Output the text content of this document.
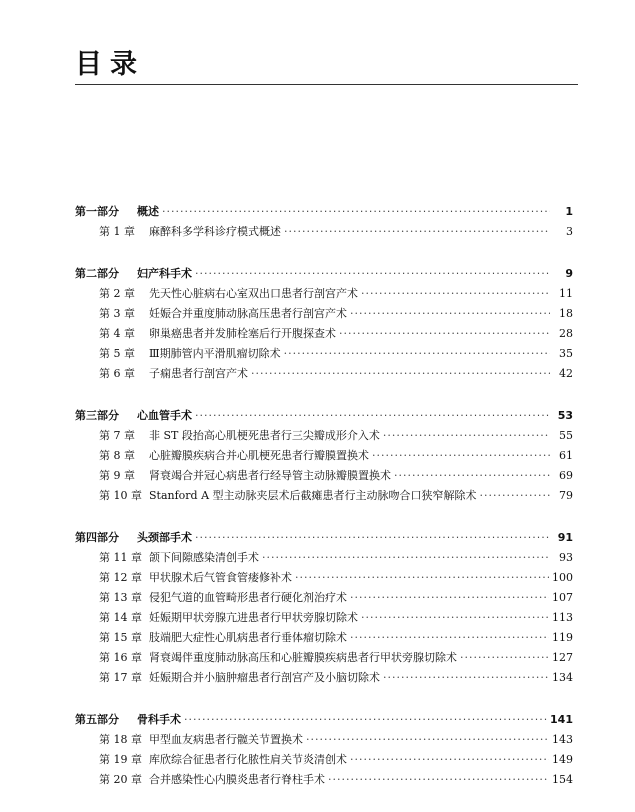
目录
第一部分	概述 ·····	1
第 1 章	麻醉科多学科诊疗模式概述 ·····	3
第二部分	妇产科手术 ·····	9
第 2 章	先天性心脏病右心室双出口患者行剖宫产术 ·····	11
第 3 章	妊娠合并重度肺动脉高压患者行剖宫产术 ·····	18
第 4 章	卵巢癌患者并发肺栓塞后行开腹探查术 ·····	28
第 5 章	Ⅲ期肺管内平滑肌瘤切除术 ·····	35
第 6 章	子痫患者行剖宫产术 ·····	42
第三部分	心血管手术 ·····	53
第 7 章	非 ST 段抬高心肌梗死患者行三尖瓣成形介入术 ·····	55
第 8 章	心脏瓣膜疾病合并心肌梗死患者行瓣膜置换术 ·····	61
第 9 章	肾衰竭合并冠心病患者行经导管主动脉瓣膜置换术 ·····	69
第 10 章 Stanford A 型主动脉夹层术后截瘫患者行主动脉吻合口狭窄解除术 ·····	79
第四部分	头颈部手术 ·····	91
第 11 章 颌下间隙感染清创手术 ·····	93
第 12 章 甲状腺术后气管食管瘘修补术 ·····	100
第 13 章 侵犯气道的血管畸形患者行硬化剂治疗术 ·····	107
第 14 章 妊娠期甲状旁腺亢进患者行甲状旁腺切除术 ·····	113
第 15 章 肢端肥大症性心肌病患者行垂体瘤切除术 ·····	119
第 16 章 肾衰竭伴重度肺动脉高压和心脏瓣膜疾病患者行甲状旁腺切除术 ·····	127
第 17 章 妊娠期合并小脑肿瘤患者行剖宫产及小脑切除术 ·····	134
第五部分	骨科手术 ·····	141
第 18 章 甲型血友病患者行髋关节置换术 ·····	143
第 19 章 库欣综合征患者行化脓性肩关节炎清创术 ·····	149
第 20 章 合并感染性心内膜炎患者行脊柱手术 ·····	154
